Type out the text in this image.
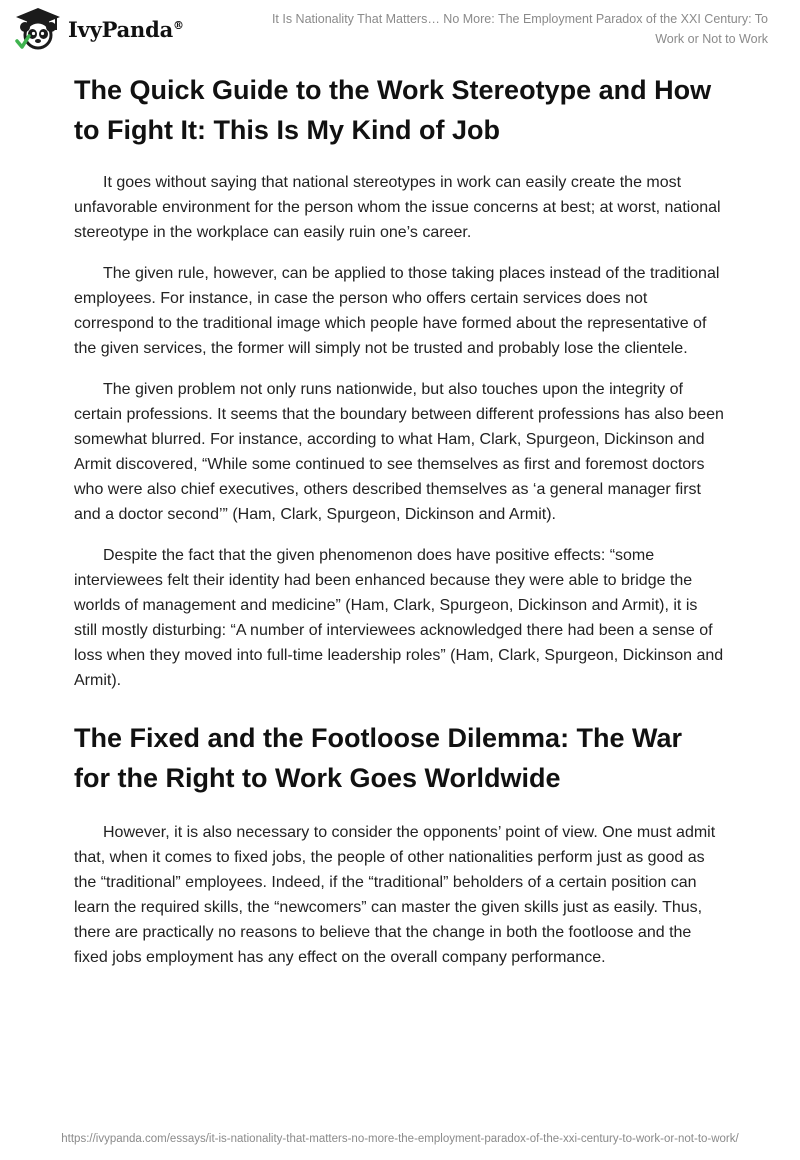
IvyPanda®	It Is Nationality That Matters… No More: The Employment Paradox of the XXI Century: To Work or Not to Work
The Quick Guide to the Work Stereotype and How to Fight It: This Is My Kind of Job

It goes without saying that national stereotypes in work can easily create the most unfavorable environment for the person whom the issue concerns at best; at worst, national stereotype in the workplace can easily ruin one’s career.

The given rule, however, can be applied to those taking places instead of the traditional employees. For instance, in case the person who offers certain services does not correspond to the traditional image which people have formed about the representative of the given services, the former will simply not be trusted and probably lose the clientele.

The given problem not only runs nationwide, but also touches upon the integrity of certain professions. It seems that the boundary between different professions has also been somewhat blurred. For instance, according to what Ham, Clark, Spurgeon, Dickinson and Armit discovered, “While some continued to see themselves as first and foremost doctors who were also chief executives, others described themselves as ‘a general manager first and a doctor second’” (Ham, Clark, Spurgeon, Dickinson and Armit).

Despite the fact that the given phenomenon does have positive effects: “some interviewees felt their identity had been enhanced because they were able to bridge the worlds of management and medicine” (Ham, Clark, Spurgeon, Dickinson and Armit), it is still mostly disturbing: “A number of interviewees acknowledged there had been a sense of loss when they moved into full-time leadership roles” (Ham, Clark, Spurgeon, Dickinson and Armit).

The Fixed and the Footloose Dilemma: The War for the Right to Work Goes Worldwide

However, it is also necessary to consider the opponents’ point of view. One must admit that, when it comes to fixed jobs, the people of other nationalities perform just as good as the “traditional” employees. Indeed, if the “traditional” beholders of a certain position can learn the required skills, the “newcomers” can master the given skills just as easily. Thus, there are practically no reasons to believe that the change in both the footloose and the fixed jobs employment has any effect on the overall company performance.

https://ivypanda.com/essays/it-is-nationality-that-matters-no-more-the-employment-paradox-of-the-xxi-century-to-work-or-not-to-work/
